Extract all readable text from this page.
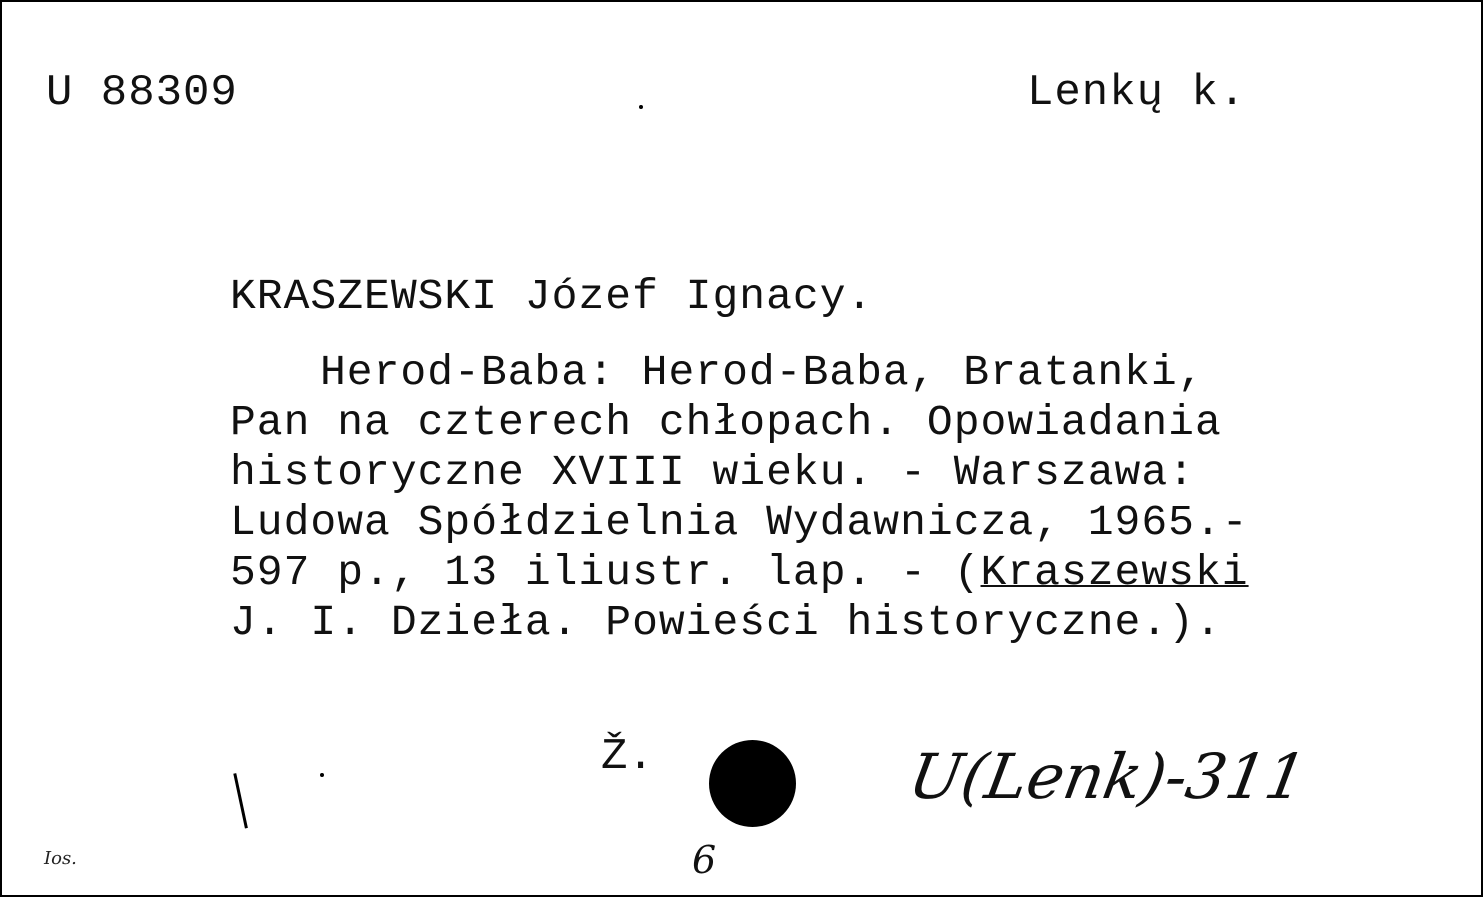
U 88309	Lenkų k.
KRASZEWSKI Józef Ignacy.
Herod-Baba: Herod-Baba, Bratanki,
Pan na czterech chłopach. Opowiadania
historyczne XVIII wieku. - Warszawa:
Ludowa Spółdzielnia Wydawnicza, 1965.-
597 p., 13 iliustr. lap. - (Kraszewski
J. I. Dzieła. Powieści historyczne.).
Ž.	U(Lenk)-311
Ios.	6
